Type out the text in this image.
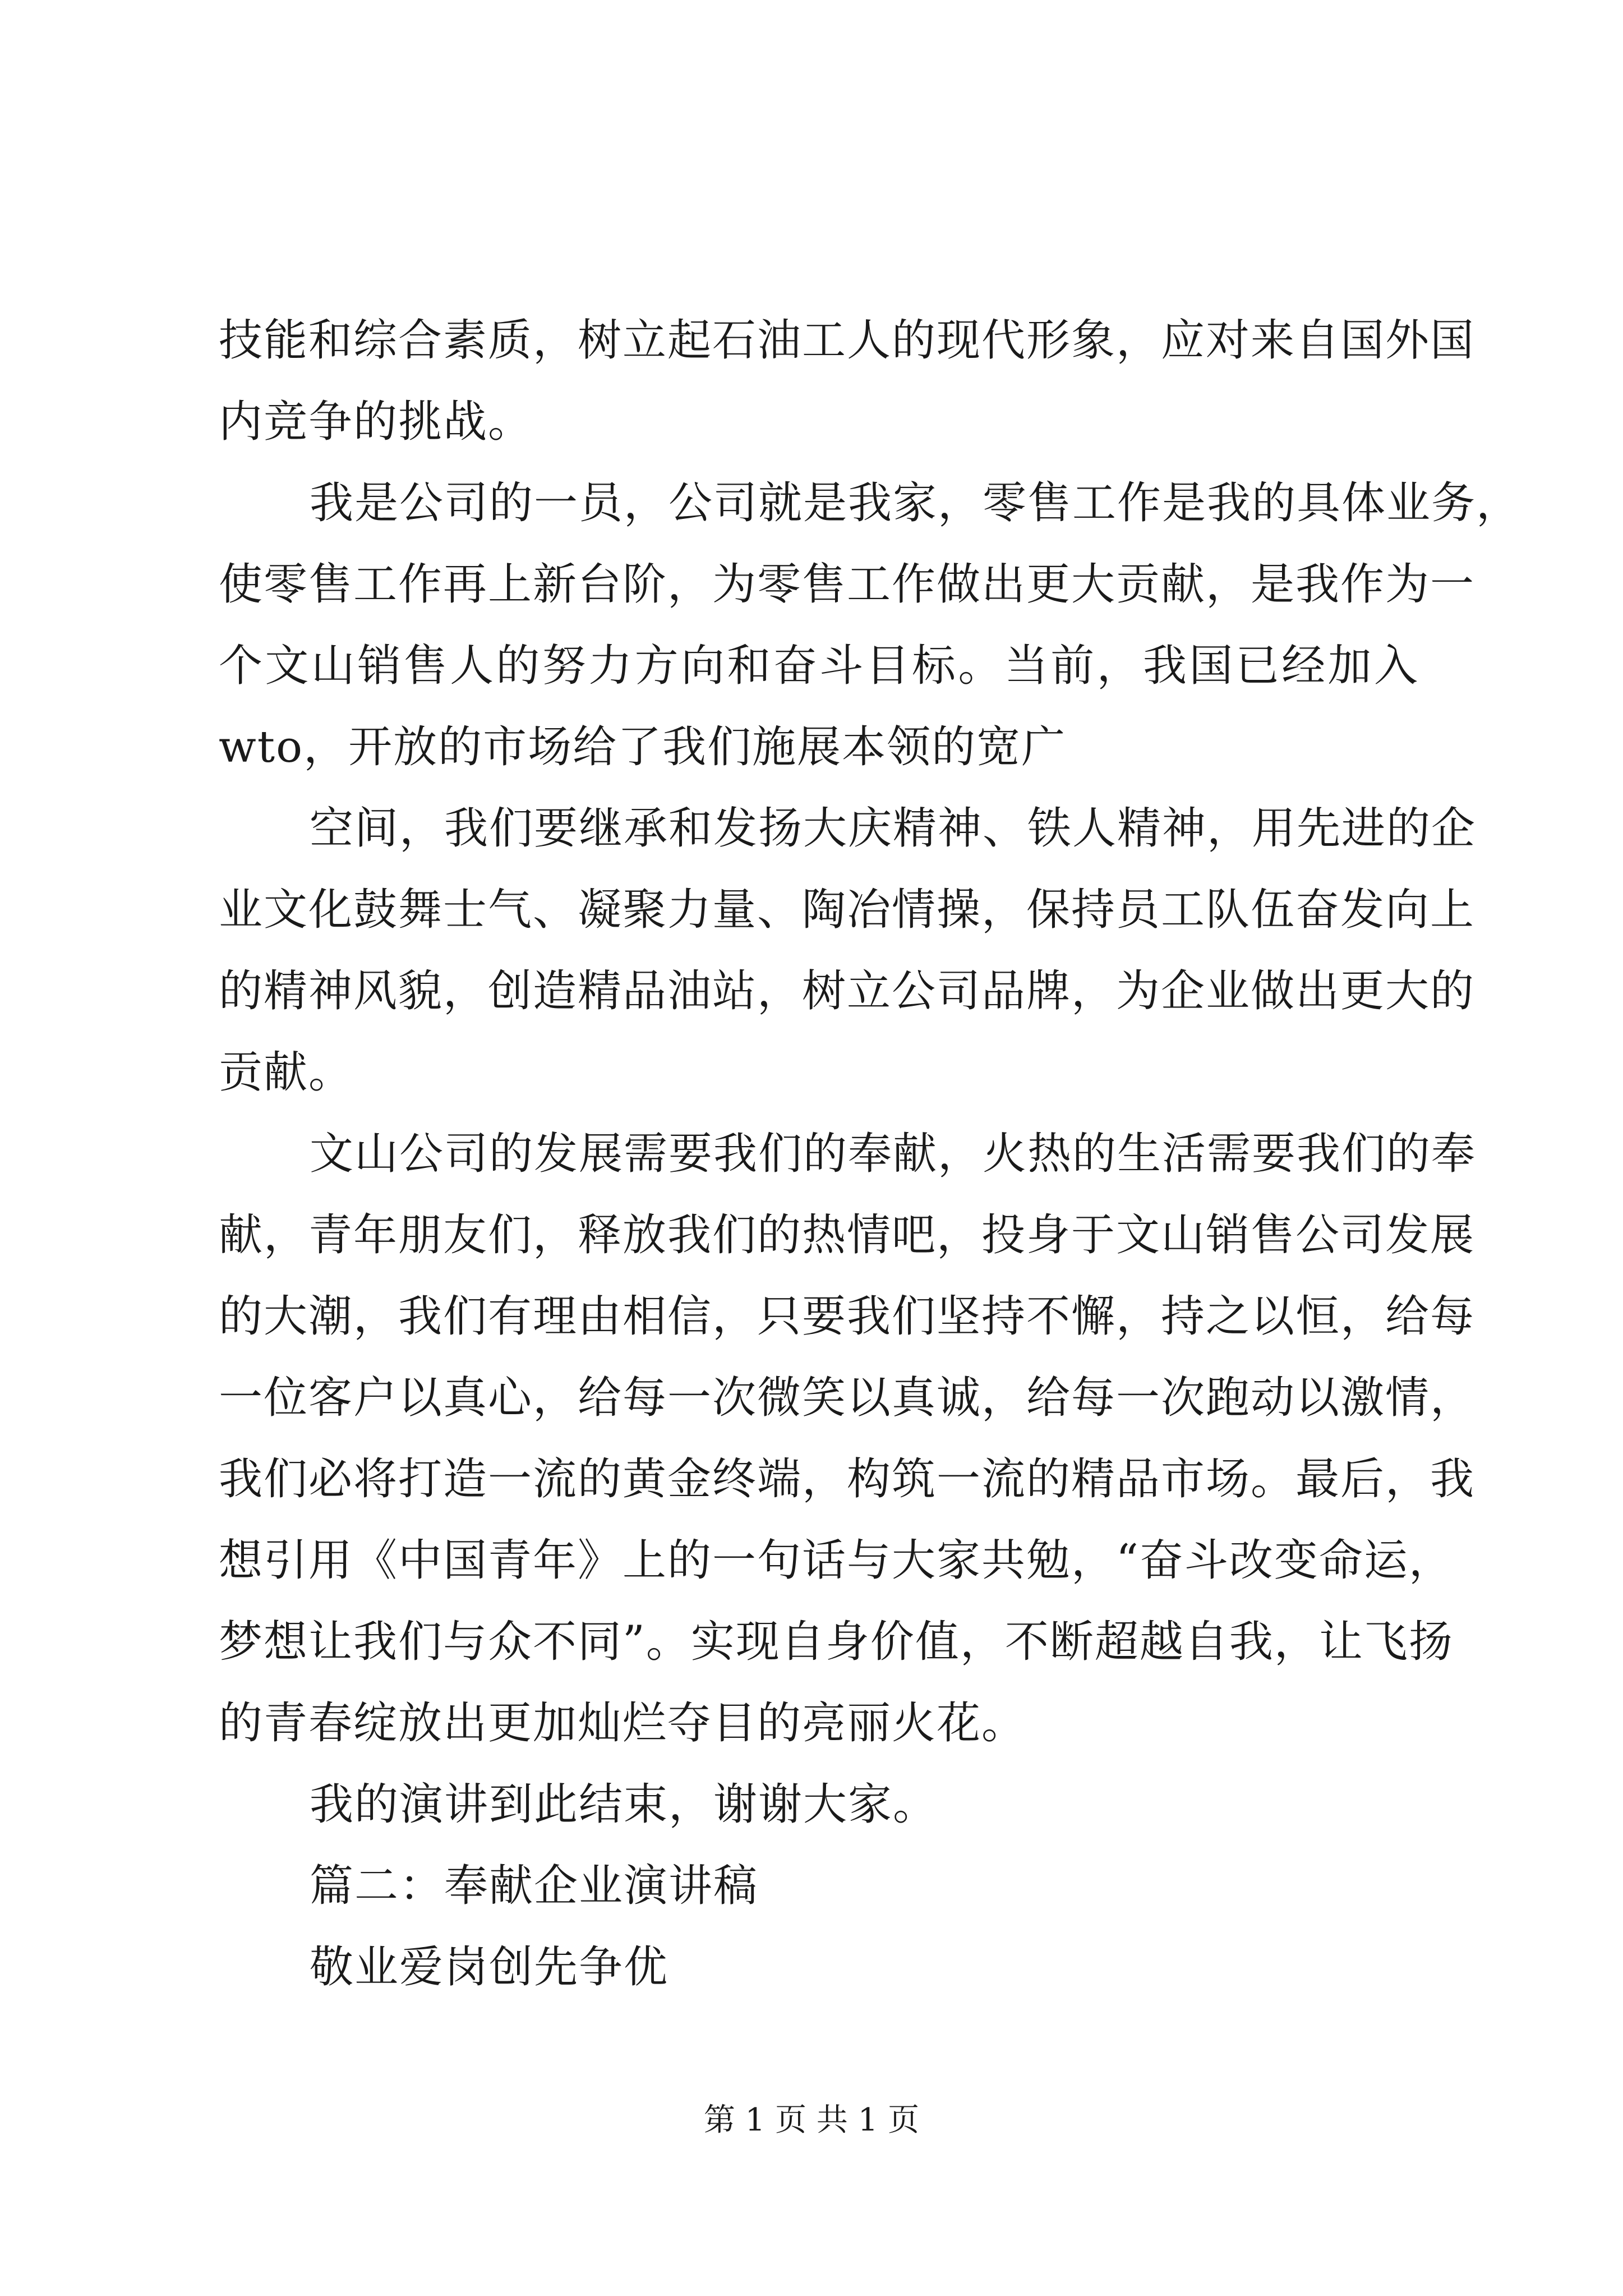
技能和综合素质，树立起石油工人的现代形象，应对来自国外国
内竞争的挑战。
我是公司的一员，公司就是我家，零售工作是我的具体业务，
使零售工作再上新台阶，为零售工作做出更大贡献，是我作为一
个文山销售人的努力方向和奋斗目标。当前，我国已经加入
wto，开放的市场给了我们施展本领的宽广
空间，我们要继承和发扬大庆精神、铁人精神，用先进的企
业文化鼓舞士气、凝聚力量、陶冶情操，保持员工队伍奋发向上
的精神风貌，创造精品油站，树立公司品牌，为企业做出更大的
贡献。
文山公司的发展需要我们的奉献，火热的生活需要我们的奉
献，青年朋友们，释放我们的热情吧，投身于文山销售公司发展
的大潮，我们有理由相信，只要我们坚持不懈，持之以恒，给每
一位客户以真心，给每一次微笑以真诚，给每一次跑动以激情，
我们必将打造一流的黄金终端，构筑一流的精品市场。最后，我
想引用《中国青年》上的一句话与大家共勉，“奋斗改变命运，
梦想让我们与众不同”。实现自身价值，不断超越自我，让飞扬
的青春绽放出更加灿烂夺目的亮丽火花。
我的演讲到此结束，谢谢大家。
篇二：奉献企业演讲稿
敬业爱岗创先争优
第 1 页 共 1 页
